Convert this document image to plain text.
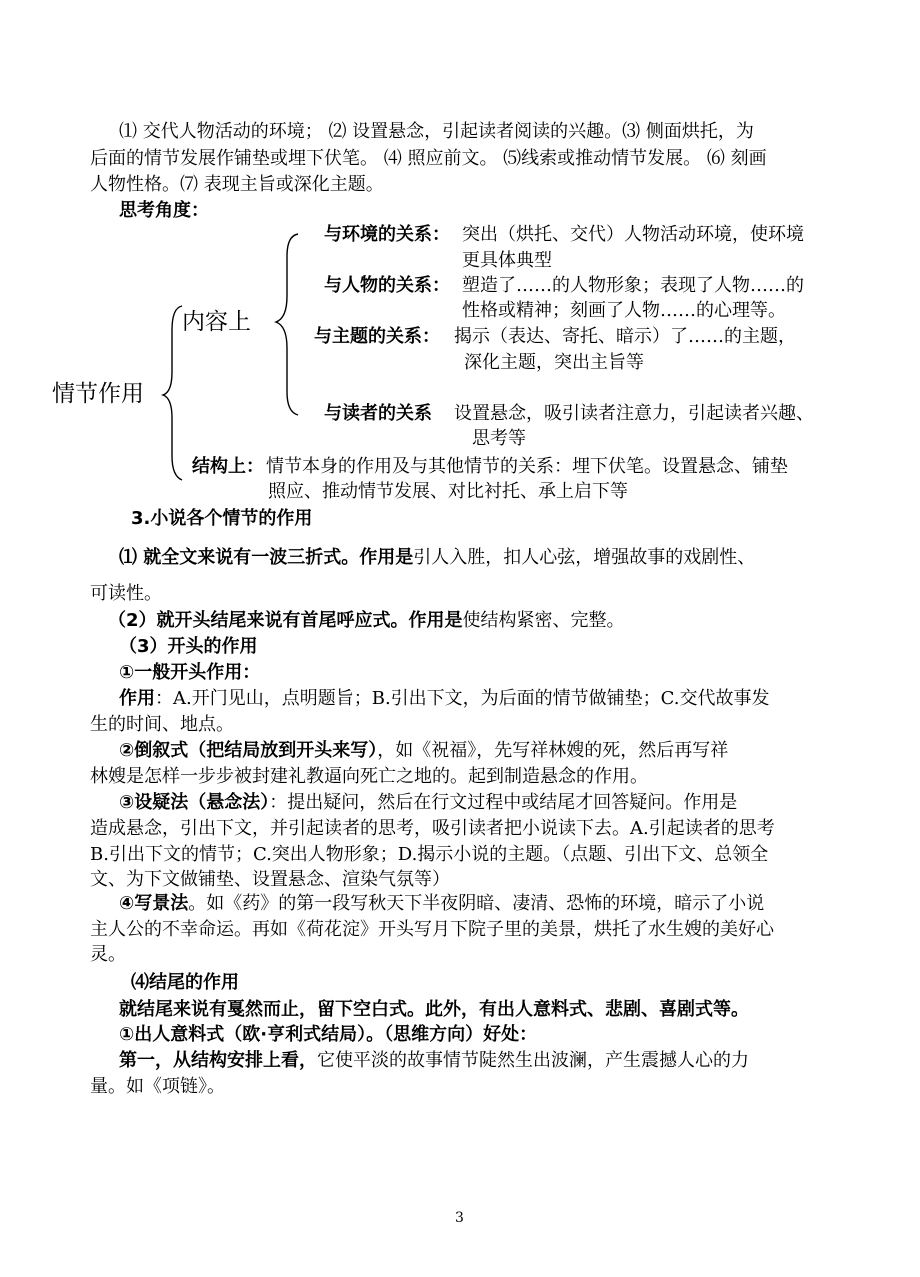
⑴ 交代人物活动的环境； ⑵ 设置悬念，引起读者阅读的兴趣。⑶ 侧面烘托，为
后面的情节发展作铺垫或埋下伏笔。 ⑷ 照应前文。 ⑸线索或推动情节发展。 ⑹ 刻画
人物性格。⑺ 表现主旨或深化主题。
思考角度：
情节作用
内容上
与环境的关系： 突出（烘托、交代）人物活动环境，使环境
更具体典型
与人物的关系： 塑造了……的人物形象；表现了人物……的
性格或精神；刻画了人物……的心理等。
与主题的关系： 揭示（表达、寄托、暗示）了……的主题，
深化主题，突出主旨等
与读者的关系 设置悬念，吸引读者注意力，引起读者兴趣、
思考等
结构上： 情节本身的作用及与其他情节的关系：埋下伏笔。设置悬念、铺垫
照应、推动情节发展、对比衬托、承上启下等
3.小说各个情节的作用
⑴ 就全文来说有一波三折式。作用是引人入胜，扣人心弦，增强故事的戏剧性、
可读性。
（2）就开头结尾来说有首尾呼应式。作用是使结构紧密、完整。
（3）开头的作用
①一般开头作用：
作用：A.开门见山，点明题旨；B.引出下文，为后面的情节做铺垫；C.交代故事发
生的时间、地点。
②倒叙式（把结局放到开头来写），如《祝福》，先写祥林嫂的死，然后再写祥
林嫂是怎样一步步被封建礼教逼向死亡之地的。起到制造悬念的作用。
③设疑法（悬念法）：提出疑问，然后在行文过程中或结尾才回答疑问。作用是
造成悬念，引出下文，并引起读者的思考，吸引读者把小说读下去。A.引起读者的思考
B.引出下文的情节；C.突出人物形象；D.揭示小说的主题。（点题、引出下文、总领全
文、为下文做铺垫、设置悬念、渲染气氛等）
④写景法。如《药》的第一段写秋天下半夜阴暗、凄清、恐怖的环境，暗示了小说
主人公的不幸命运。再如《荷花淀》开头写月下院子里的美景，烘托了水生嫂的美好心
灵。
⑷结尾的作用
就结尾来说有戛然而止，留下空白式。此外，有出人意料式、悲剧、喜剧式等。
①出人意料式（欧·亨利式结局）。（思维方向）好处：
第一，从结构安排上看，它使平淡的故事情节陡然生出波澜，产生震撼人心的力
量。如《项链》。
3
